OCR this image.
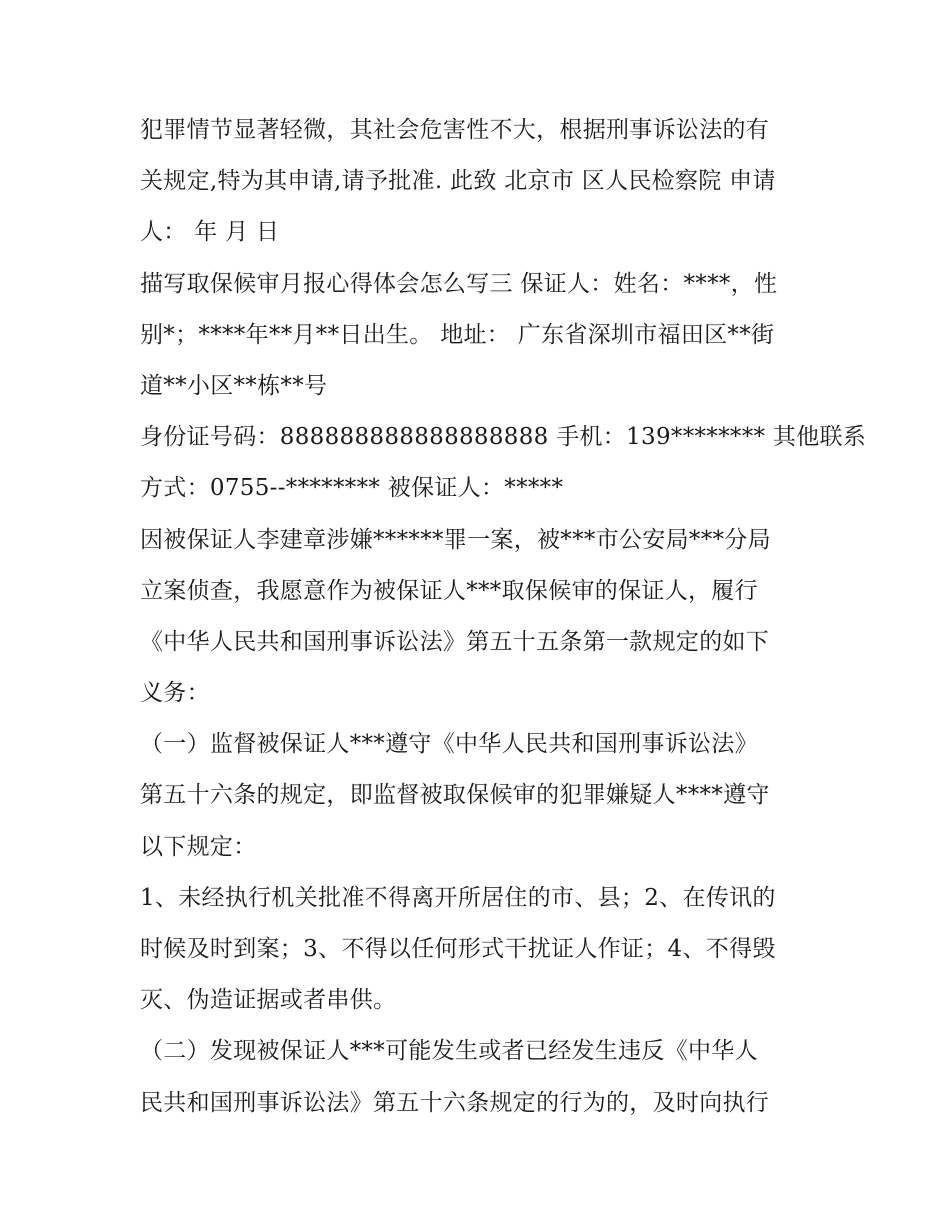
犯罪情节显著轻微，其社会危害性不大，根据刑事诉讼法的有
关规定,特为其申请,请予批准. 此致 北京市 区人民检察院 申请
人： 年 月 日
描写取保候审月报心得体会怎么写三 保证人：姓名：****，性
别*；****年**月**日出生。 地址： 广东省深圳市福田区**街
道**小区**栋**号
身份证号码：888888888888888888 手机：139******** 其他联系
方式：0755--******** 被保证人：*****
因被保证人李建章涉嫌******罪一案，被***市公安局***分局
立案侦查，我愿意作为被保证人***取保候审的保证人，履行
《中华人民共和国刑事诉讼法》第五十五条第一款规定的如下
义务：
（一）监督被保证人***遵守《中华人民共和国刑事诉讼法》
第五十六条的规定，即监督被取保候审的犯罪嫌疑人****遵守
以下规定：
1、未经执行机关批准不得离开所居住的市、县；2、在传讯的
时候及时到案；3、不得以任何形式干扰证人作证；4、不得毁
灭、伪造证据或者串供。
（二）发现被保证人***可能发生或者已经发生违反《中华人
民共和国刑事诉讼法》第五十六条规定的行为的，及时向执行
